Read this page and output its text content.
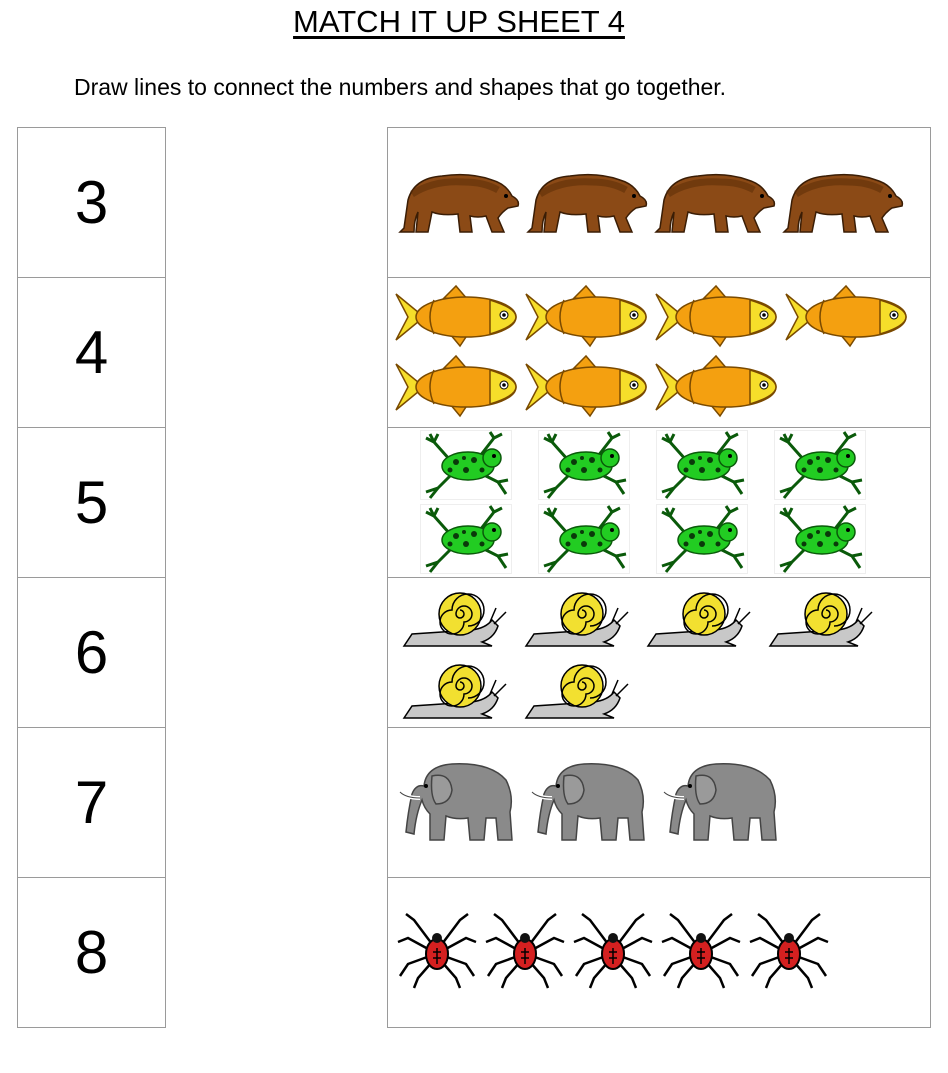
MATCH IT UP SHEET 4
Draw lines to connect the numbers and shapes that go together.
3
4
5
6
7
8
